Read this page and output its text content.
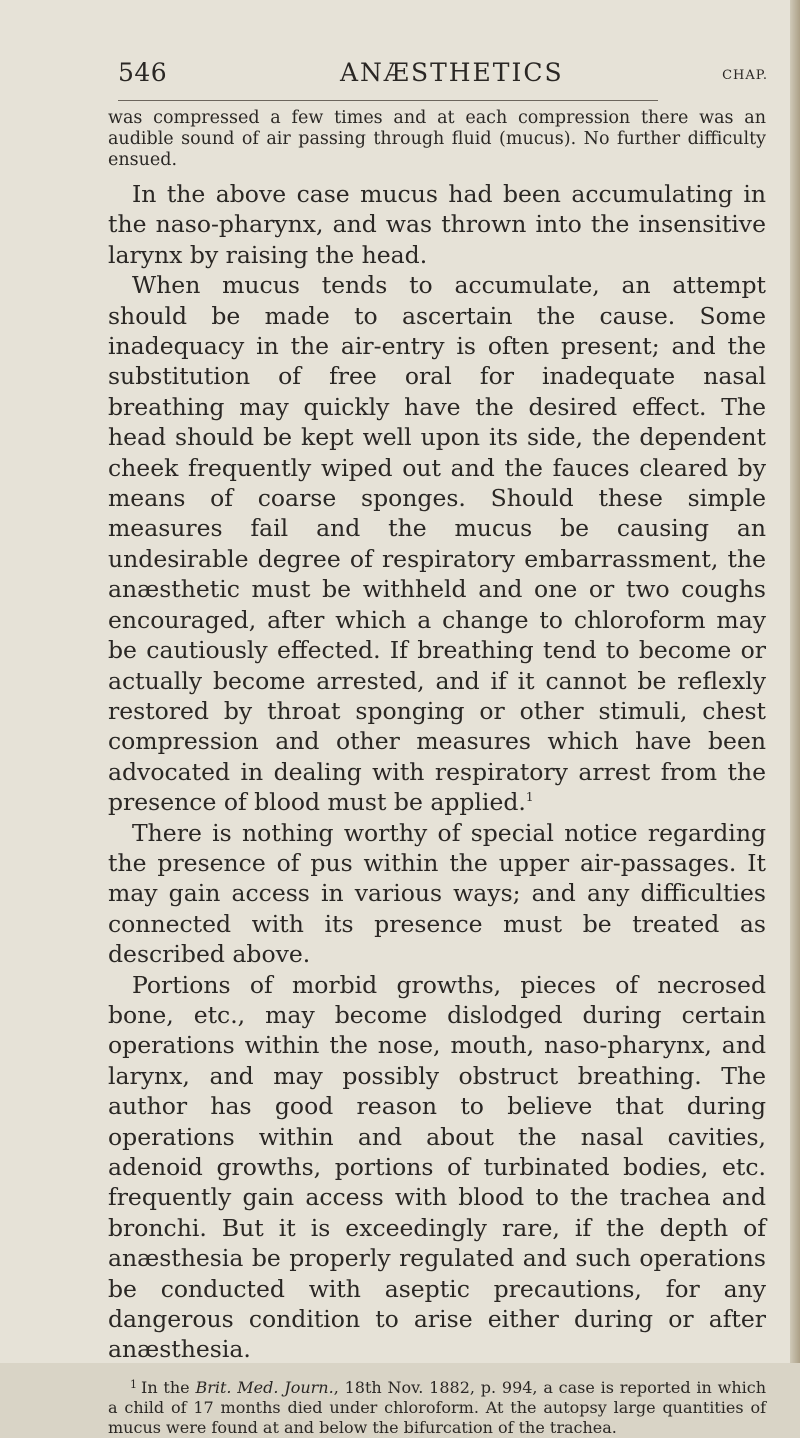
546	ANÆSTHETICS	CHAP.

was compressed a few times and at each compression there was an audible sound of air passing through fluid (mucus). No further difficulty ensued.

In the above case mucus had been accumulating in the naso-pharynx, and was thrown into the insensitive larynx by raising the head.

When mucus tends to accumulate, an attempt should be made to ascertain the cause. Some inadequacy in the air-entry is often present; and the substitution of free oral for inadequate nasal breathing may quickly have the desired effect. The head should be kept well upon its side, the dependent cheek frequently wiped out and the fauces cleared by means of coarse sponges. Should these simple measures fail and the mucus be causing an undesirable degree of respiratory embarrassment, the anæsthetic must be withheld and one or two coughs encouraged, after which a change to chloroform may be cautiously effected. If breathing tend to become or actually become arrested, and if it cannot be reflexly restored by throat sponging or other stimuli, chest compression and other measures which have been advocated in dealing with respiratory arrest from the presence of blood must be applied.$^1$

There is nothing worthy of special notice regarding the presence of pus within the upper air-passages. It may gain access in various ways; and any difficulties connected with its presence must be treated as described above.

Portions of morbid growths, pieces of necrosed bone, etc., may become dislodged during certain operations within the nose, mouth, naso-pharynx, and larynx, and may possibly obstruct breathing. The author has good reason to believe that during operations within and about the nasal cavities, adenoid growths, portions of turbinated bodies, etc. frequently gain access with blood to the trachea and bronchi. But it is exceedingly rare, if the depth of anæsthesia be properly regulated and such operations be conducted with aseptic precautions, for any dangerous condition to arise either during or after anæsthesia.

$^1$ In the Brit. Med. Journ., 18th Nov. 1882, p. 994, a case is reported in which a child of 17 months died under chloroform. At the autopsy large quantities of mucus were found at and below the bifurcation of the trachea.
